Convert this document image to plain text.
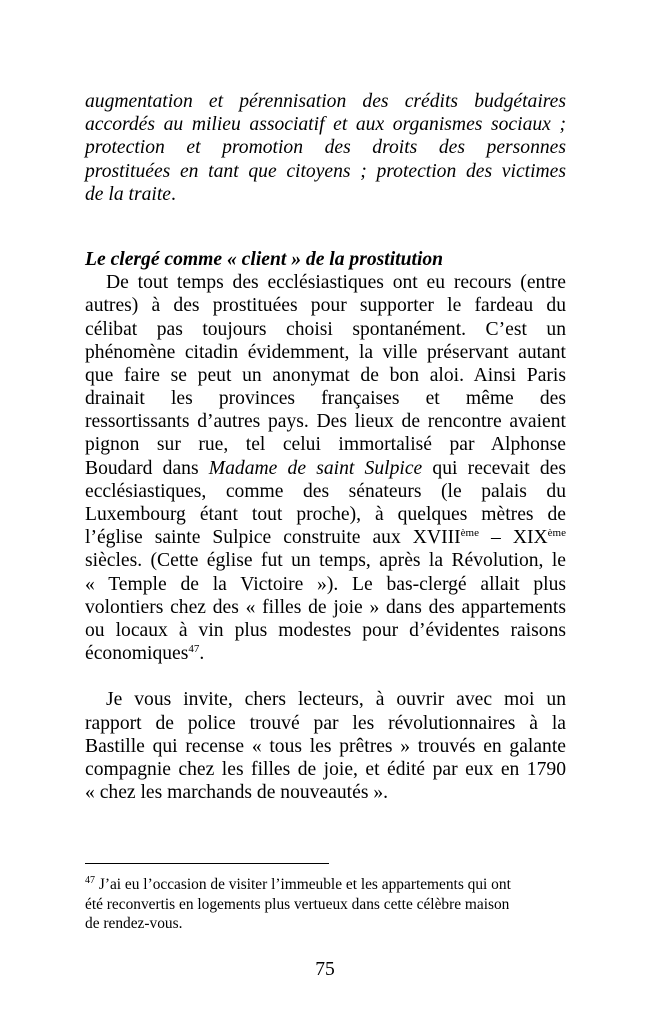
augmentation et pérennisation des crédits budgétaires
accordés au milieu associatif et aux organismes sociaux ;
protection et promotion des droits des personnes
prostituées en tant que citoyens ; protection des victimes
de la traite.
Le clergé comme « client » de la prostitution
De tout temps des ecclésiastiques ont eu recours (entre
autres) à des prostituées pour supporter le fardeau du
célibat pas toujours choisi spontanément. C’est un
phénomène citadin évidemment, la ville préservant autant
que faire se peut un anonymat de bon aloi. Ainsi Paris
drainait les provinces françaises et même des
ressortissants d’autres pays. Des lieux de rencontre avaient
pignon sur rue, tel celui immortalisé par Alphonse
Boudard dans Madame de saint Sulpice qui recevait des
ecclésiastiques, comme des sénateurs (le palais du
Luxembourg étant tout proche), à quelques mètres de
l’église sainte Sulpice construite aux XVIIIème – XIXème
siècles. (Cette église fut un temps, après la Révolution, le
« Temple de la Victoire »). Le bas-clergé allait plus
volontiers chez des « filles de joie » dans des appartements
ou locaux à vin plus modestes pour d’évidentes raisons
économiques$^{47}$.
Je vous invite, chers lecteurs, à ouvrir avec moi un
rapport de police trouvé par les révolutionnaires à la
Bastille qui recense « tous les prêtres » trouvés en galante
compagnie chez les filles de joie, et édité par eux en 1790
« chez les marchands de nouveautés ».
$^{47}$ J’ai eu l’occasion de visiter l’immeuble et les appartements qui ont
été reconvertis en logements plus vertueux dans cette célèbre maison
de rendez-vous.
75
